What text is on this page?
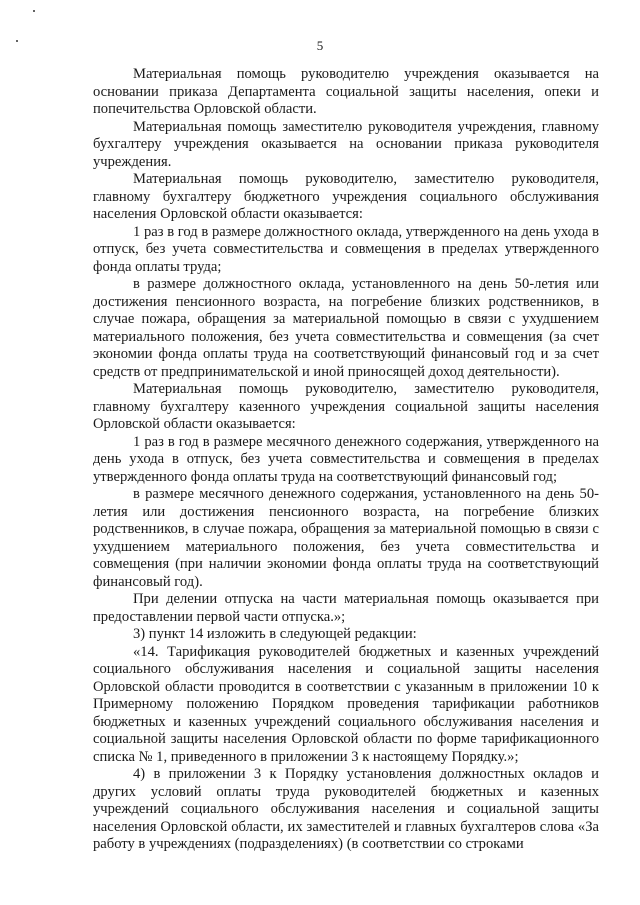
5

Материальная помощь руководителю учреждения оказывается на основании приказа Департамента социальной защиты населения, опеки и попечительства Орловской области.

Материальная помощь заместителю руководителя учреждения, главному бухгалтеру учреждения оказывается на основании приказа руководителя учреждения.

Материальная помощь руководителю, заместителю руководителя, главному бухгалтеру бюджетного учреждения социального обслуживания населения Орловской области оказывается:

1 раз в год в размере должностного оклада, утвержденного на день ухода в отпуск, без учета совместительства и совмещения в пределах утвержденного фонда оплаты труда;

в размере должностного оклада, установленного на день 50-летия или достижения пенсионного возраста, на погребение близких родственников, в случае пожара, обращения за материальной помощью в связи с ухудшением материального положения, без учета совместительства и совмещения (за счет экономии фонда оплаты труда на соответствующий финансовый год и за счет средств от предпринимательской и иной приносящей доход деятельности).

Материальная помощь руководителю, заместителю руководителя, главному бухгалтеру казенного учреждения социальной защиты населения Орловской области оказывается:

1 раз в год в размере месячного денежного содержания, утвержденного на день ухода в отпуск, без учета совместительства и совмещения в пределах утвержденного фонда оплаты труда на соответствующий финансовый год;

в размере месячного денежного содержания, установленного на день 50-летия или достижения пенсионного возраста, на погребение близких родственников, в случае пожара, обращения за материальной помощью в связи с ухудшением материального положения, без учета совместительства и совмещения (при наличии экономии фонда оплаты труда на соответствующий финансовый год).

При делении отпуска на части материальная помощь оказывается при предоставлении первой части отпуска.»;

3) пункт 14 изложить в следующей редакции:

«14. Тарификация руководителей бюджетных и казенных учреждений социального обслуживания населения и социальной защиты населения Орловской области проводится в соответствии с указанным в приложении 10 к Примерному положению Порядком проведения тарификации работников бюджетных и казенных учреждений социального обслуживания населения и социальной защиты населения Орловской области по форме тарификационного списка № 1, приведенного в приложении 3 к настоящему Порядку.»;

4) в приложении 3 к Порядку установления должностных окладов и других условий оплаты труда руководителей бюджетных и казенных учреждений социального обслуживания населения и социальной защиты населения Орловской области, их заместителей и главных бухгалтеров слова «За работу в учреждениях (подразделениях) (в соответствии со строками
